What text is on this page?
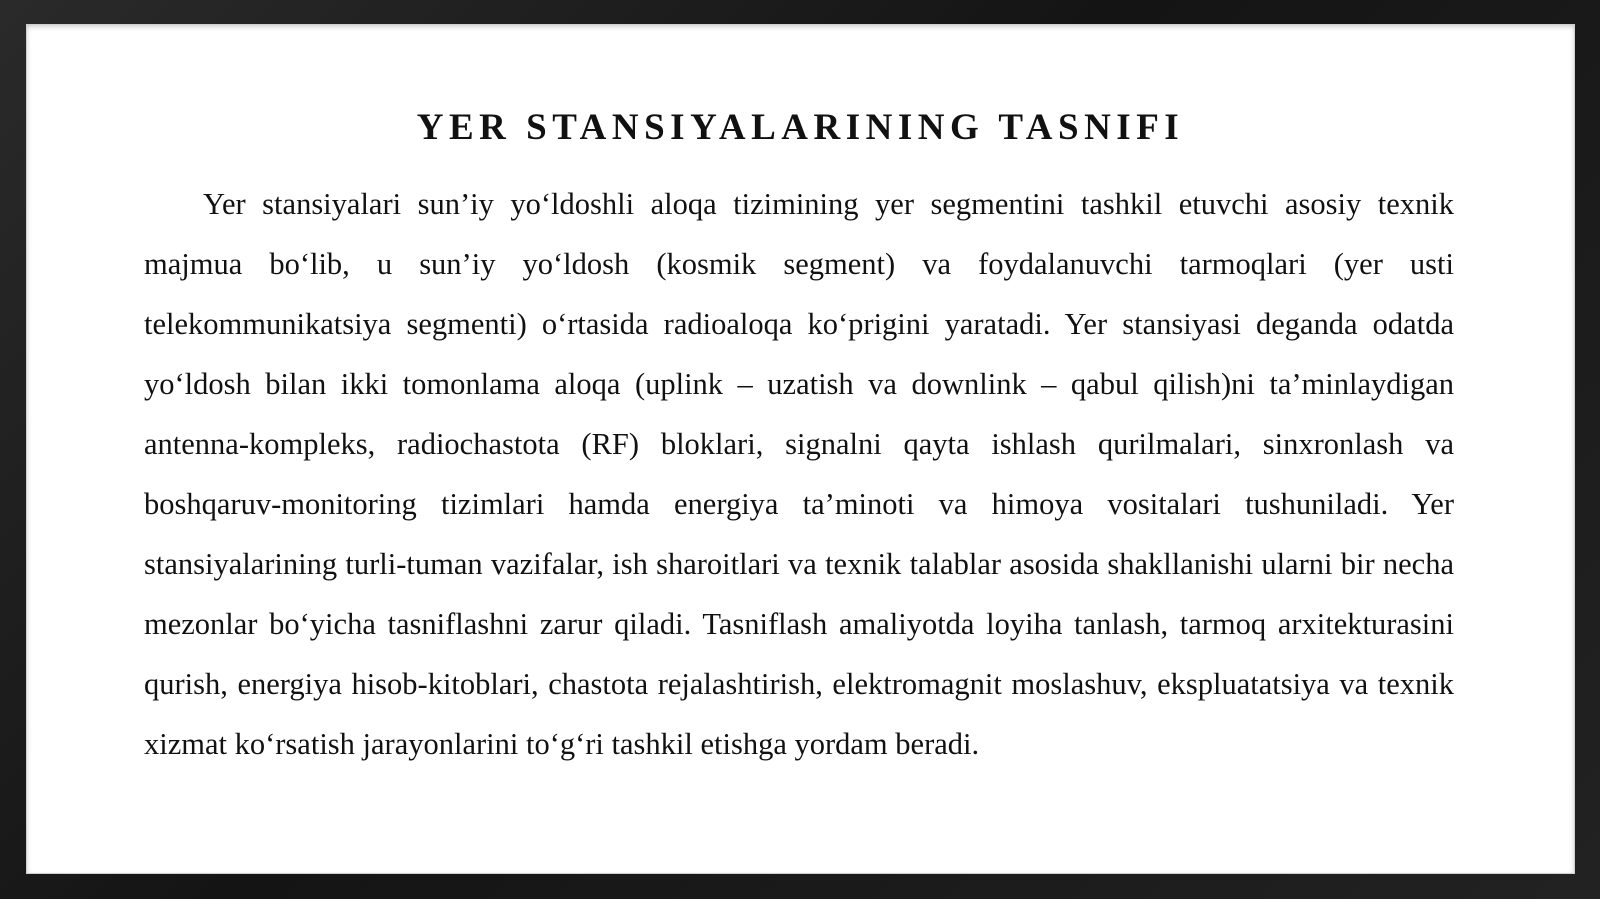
YER STANSIYALARINING TASNIFI

Yer stansiyalari sun’iy yo‘ldoshli aloqa tizimining yer segmentini tashkil etuvchi asosiy texnik majmua bo‘lib, u sun’iy yo‘ldosh (kosmik segment) va foydalanuvchi tarmoqlari (yer usti telekommunikatsiya segmenti) o‘rtasida radioaloqa ko‘prigini yaratadi. Yer stansiyasi deganda odatda yo‘ldosh bilan ikki tomonlama aloqa (uplink – uzatish va downlink – qabul qilish)ni ta’minlaydigan antenna-kompleks, radiochastota (RF) bloklari, signalni qayta ishlash qurilmalari, sinxronlash va boshqaruv-monitoring tizimlari hamda energiya ta’minoti va himoya vositalari tushuniladi. Yer stansiyalarining turli-tuman vazifalar, ish sharoitlari va texnik talablar asosida shakllanishi ularni bir necha mezonlar bo‘yicha tasniflashni zarur qiladi. Tasniflash amaliyotda loyiha tanlash, tarmoq arxitekturasini qurish, energiya hisob-kitoblari, chastota rejalashtirish, elektromagnit moslashuv, ekspluatatsiya va texnik xizmat ko‘rsatish jarayonlarini to‘g‘ri tashkil etishga yordam beradi.
